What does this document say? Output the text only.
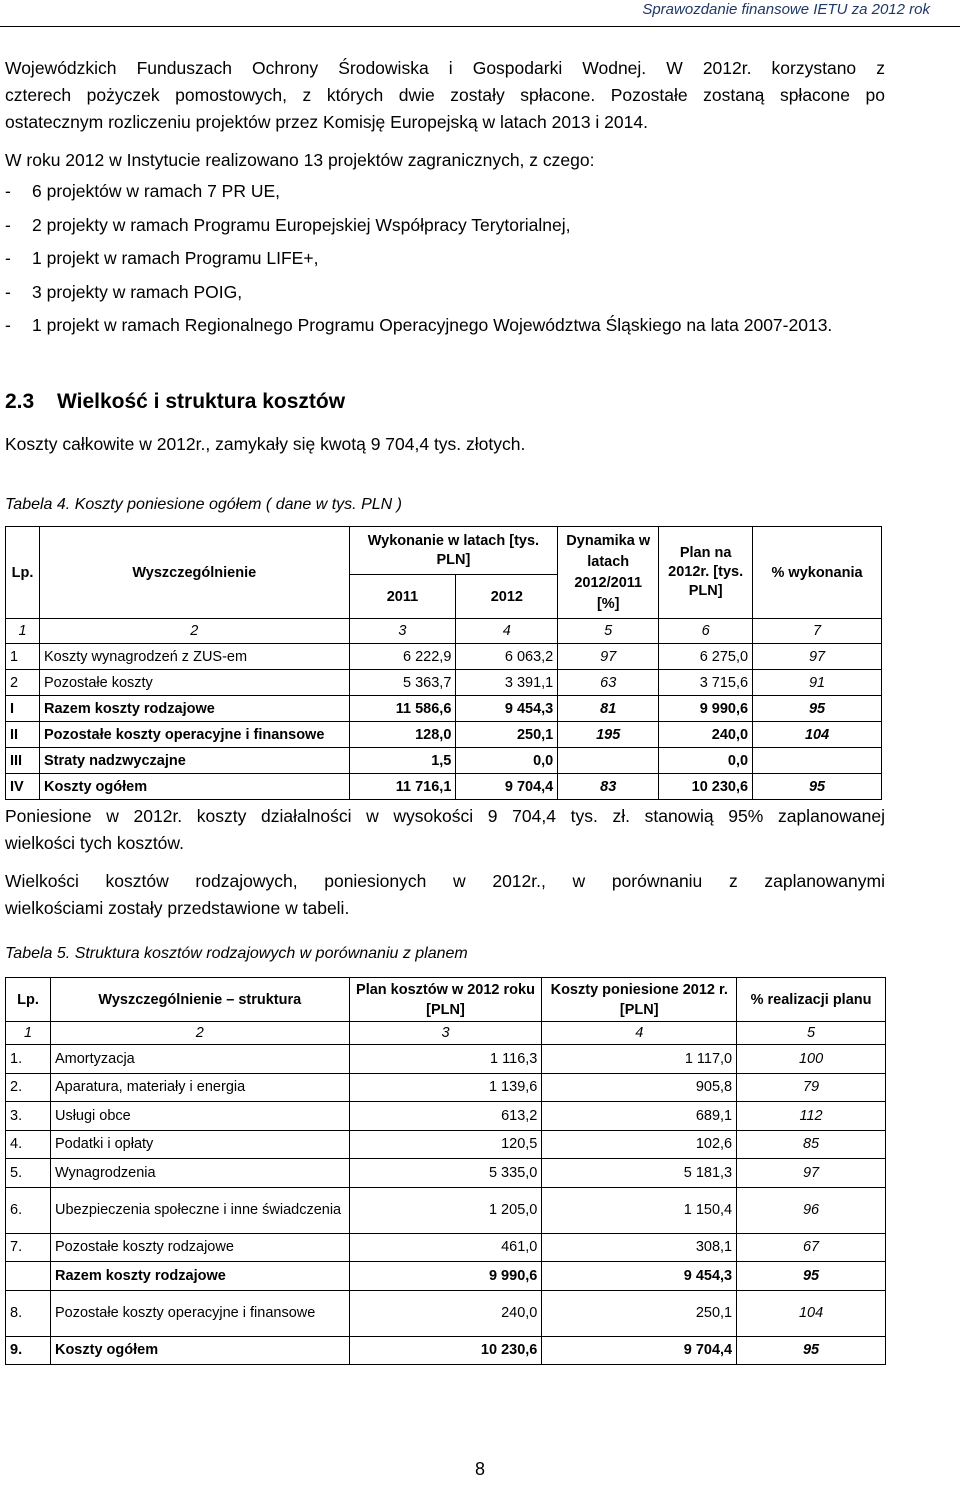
Sprawozdanie finansowe IETU za 2012 rok
Wojewódzkich Funduszach Ochrony Środowiska i Gospodarki Wodnej. W 2012r. korzystano z
czterech pożyczek pomostowych, z których dwie zostały spłacone. Pozostałe zostaną spłacone po
ostatecznym rozliczeniu projektów przez Komisję Europejską w latach 2013 i 2014.
W roku 2012 w Instytucie realizowano 13 projektów zagranicznych, z czego:
- 6 projektów w ramach 7 PR UE,
- 2 projekty w ramach Programu Europejskiej Współpracy Terytorialnej,
- 1 projekt w ramach Programu LIFE+,
- 3 projekty w ramach POIG,
- 1 projekt w ramach Regionalnego Programu Operacyjnego Województwa Śląskiego na lata 2007-2013.
2.3 Wielkość i struktura kosztów
Koszty całkowite w 2012r., zamykały się kwotą 9 704,4 tys. złotych.
Tabela 4. Koszty poniesione ogółem ( dane w tys. PLN )
Lp.	Wyszczególnienie	Wykonanie w latach [tys. PLN]		Dynamika w latach 2012/2011 [%]	Plan na 2012r. [tys. PLN]	% wykonania
		2011	2012			
1	2	3	4	5	6	7
1	Koszty wynagrodzeń z ZUS-em	6 222,9	6 063,2	97	6 275,0	97
2	Pozostałe koszty	5 363,7	3 391,1	63	3 715,6	91
I	Razem koszty rodzajowe	11 586,6	9 454,3	81	9 990,6	95
II	Pozostałe koszty operacyjne i finansowe	128,0	250,1	195	240,0	104
III	Straty nadzwyczajne	1,5	0,0		0,0	
IV	Koszty ogółem	11 716,1	9 704,4	83	10 230,6	95
Poniesione w 2012r. koszty działalności w wysokości 9 704,4 tys. zł. stanowią 95% zaplanowanej
wielkości tych kosztów.
Wielkości kosztów rodzajowych, poniesionych w 2012r., w porównaniu z zaplanowanymi
wielkościami zostały przedstawione w tabeli.
Tabela 5. Struktura kosztów rodzajowych w porównaniu z planem
Lp.	Wyszczególnienie – struktura	Plan kosztów w 2012 roku [PLN]	Koszty poniesione 2012 r. [PLN]	% realizacji planu
1	2	3	4	5
1.	Amortyzacja	1 116,3	1 117,0	100
2.	Aparatura, materiały i energia	1 139,6	905,8	79
3.	Usługi obce	613,2	689,1	112
4.	Podatki i opłaty	120,5	102,6	85
5.	Wynagrodzenia	5 335,0	5 181,3	97
6.	Ubezpieczenia społeczne i inne świadczenia	1 205,0	1 150,4	96
7.	Pozostałe koszty rodzajowe	461,0	308,1	67
	Razem koszty rodzajowe	9 990,6	9 454,3	95
8.	Pozostałe koszty operacyjne i finansowe	240,0	250,1	104
9.	Koszty ogółem	10 230,6	9 704,4	95
8
